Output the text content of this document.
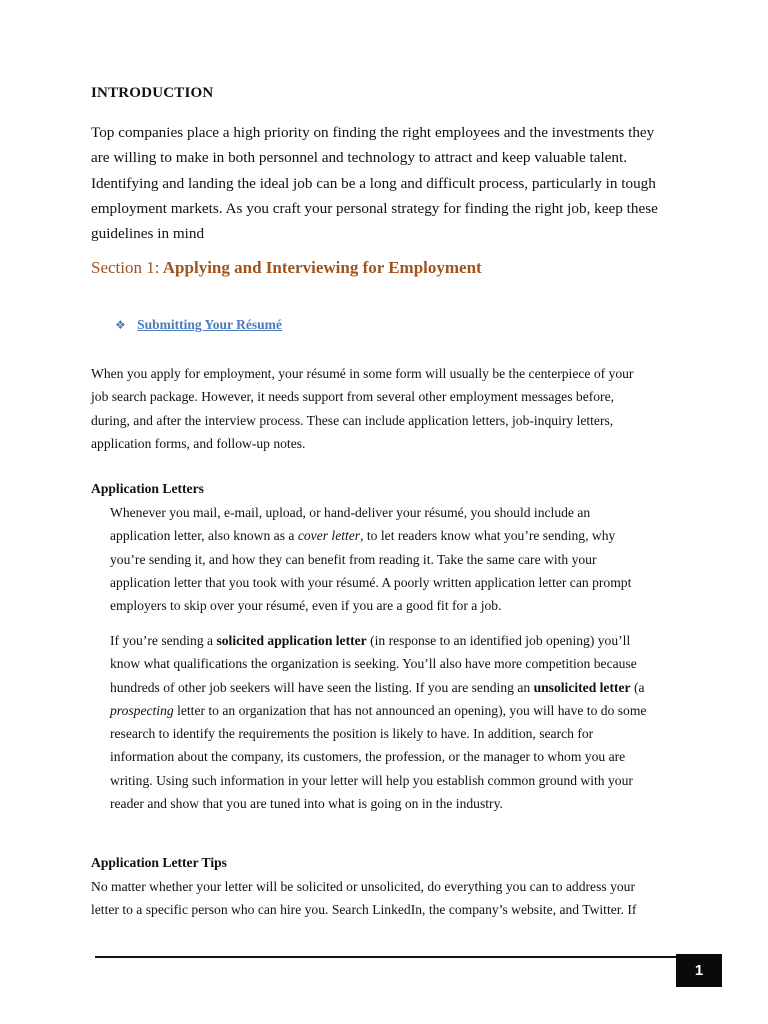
INTRODUCTION

Top companies place a high priority on finding the right employees and the investments they
are willing to make in both personnel and technology to attract and keep valuable talent.
Identifying and landing the ideal job can be a long and difficult process, particularly in tough
employment markets. As you craft your personal strategy for finding the right job, keep these
guidelines in mind

Section 1: Applying and Interviewing for Employment
❖ Submitting Your Résumé

When you apply for employment, your résumé in some form will usually be the centerpiece of your
job search package. However, it needs support from several other employment messages before,
during, and after the interview process. These can include application letters, job-inquiry letters,
application forms, and follow-up notes.

Application Letters

Whenever you mail, e-mail, upload, or hand-deliver your résumé, you should include an
application letter, also known as a cover letter, to let readers know what you’re sending, why
you’re sending it, and how they can benefit from reading it. Take the same care with your
application letter that you took with your résumé. A poorly written application letter can prompt
employers to skip over your résumé, even if you are a good fit for a job.

If you’re sending a solicited application letter (in response to an identified job opening) you’ll
know what qualifications the organization is seeking. You’ll also have more competition because
hundreds of other job seekers will have seen the listing. If you are sending an unsolicited letter (a
prospecting letter to an organization that has not announced an opening), you will have to do some
research to identify the requirements the position is likely to have. In addition, search for
information about the company, its customers, the profession, or the manager to whom you are
writing. Using such information in your letter will help you establish common ground with your
reader and show that you are tuned into what is going on in the industry.

Application Letter Tips

No matter whether your letter will be solicited or unsolicited, do everything you can to address your
letter to a specific person who can hire you. Search LinkedIn, the company’s website, and Twitter. If

1
